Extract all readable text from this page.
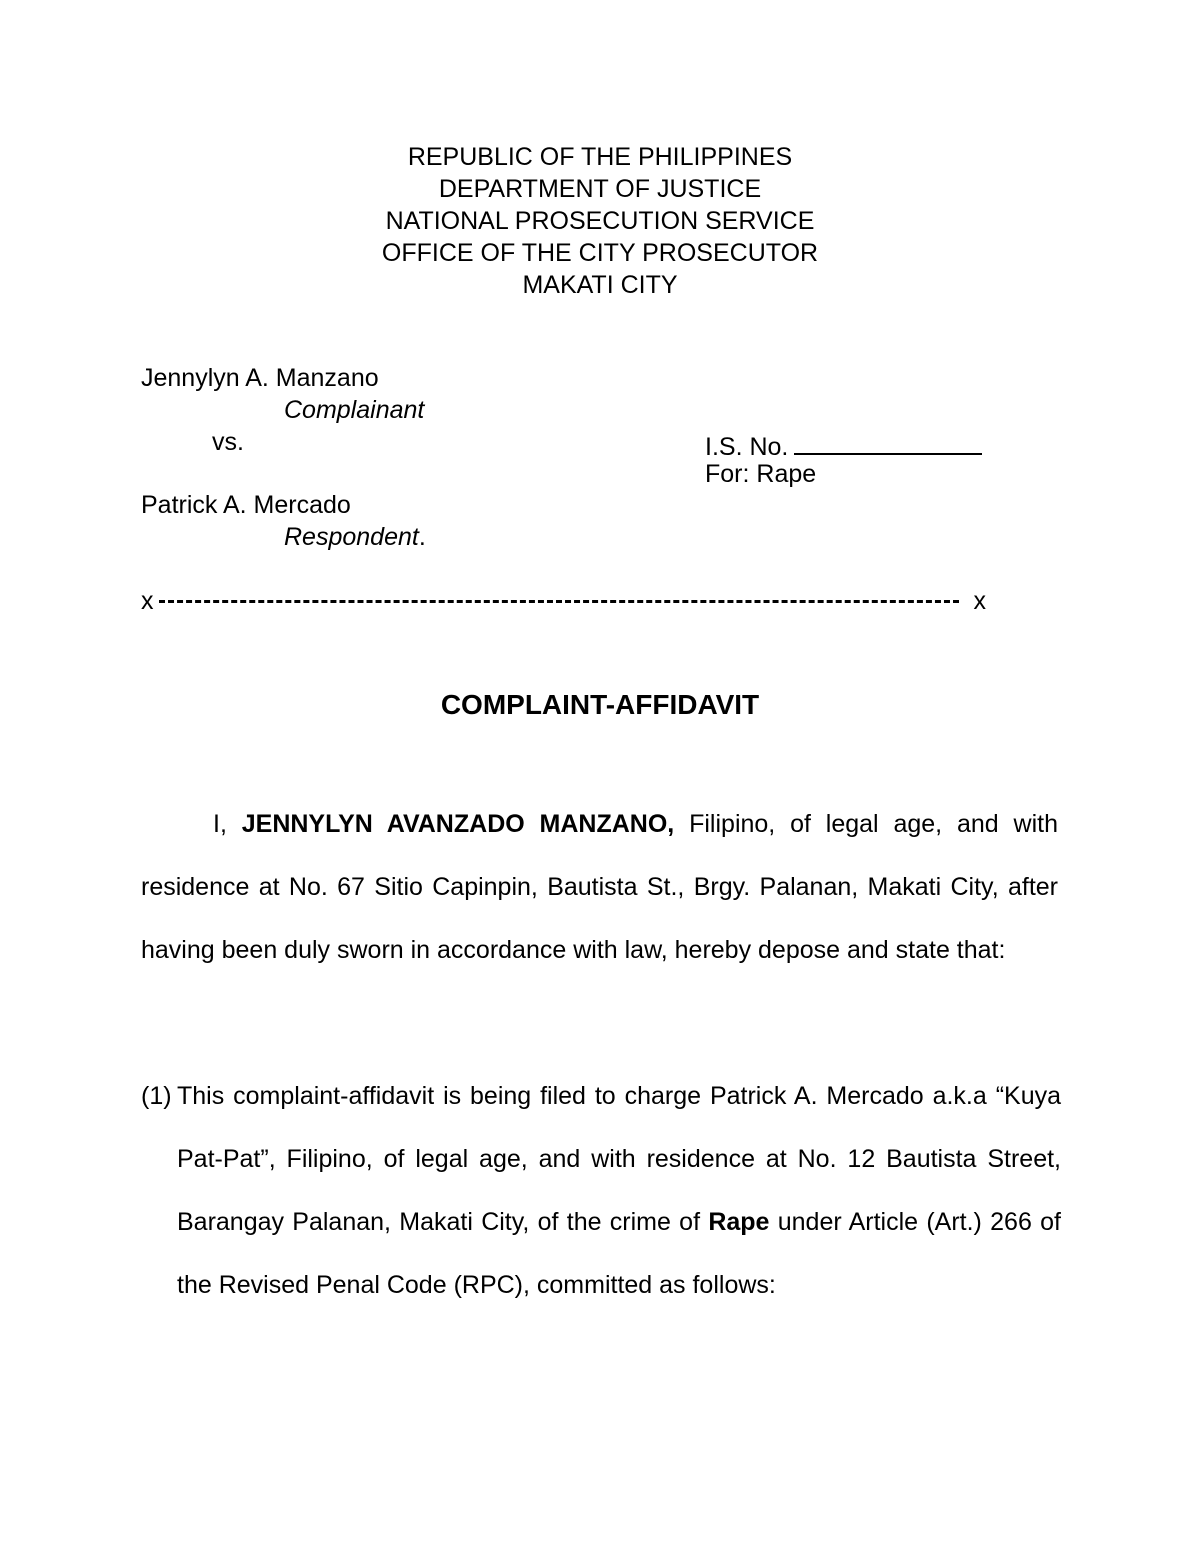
REPUBLIC OF THE PHILIPPINES
DEPARTMENT OF JUSTICE
NATIONAL PROSECUTION SERVICE
OFFICE OF THE CITY PROSECUTOR
MAKATI CITY
Jennylyn A. Manzano
Complainant
vs.
Patrick A. Mercado
Respondent.
I.S. No.
For: Rape
x	x
COMPLAINT-AFFIDAVIT
I, JENNYLYN AVANZADO MANZANO, Filipino, of legal age, and with residence at No. 67 Sitio Capinpin, Bautista St., Brgy. Palanan, Makati City, after having been duly sworn in accordance with law, hereby depose and state that:
(1) This complaint-affidavit is being filed to charge Patrick A. Mercado a.k.a “Kuya Pat-Pat”, Filipino, of legal age, and with residence at No. 12 Bautista Street, Barangay Palanan, Makati City, of the crime of Rape under Article (Art.) 266 of the Revised Penal Code (RPC), committed as follows:
